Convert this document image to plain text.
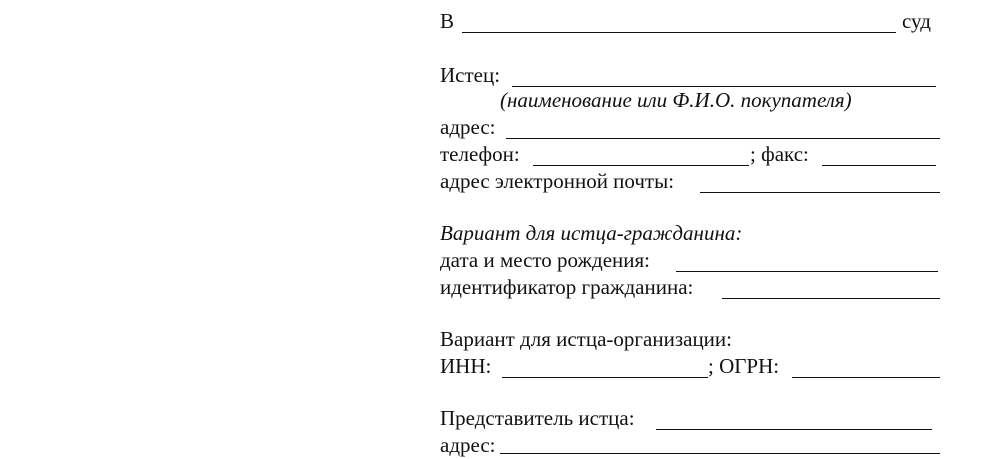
В	суд
Истец:
(наименование или Ф.И.О. покупателя)
адрес:
телефон:	; факс:
адрес электронной почты:
Вариант для истца-гражданина:
дата и место рождения:
идентификатор гражданина:
Вариант для истца-организации:
ИНН:	; ОГРН:
Представитель истца:
адрес:
